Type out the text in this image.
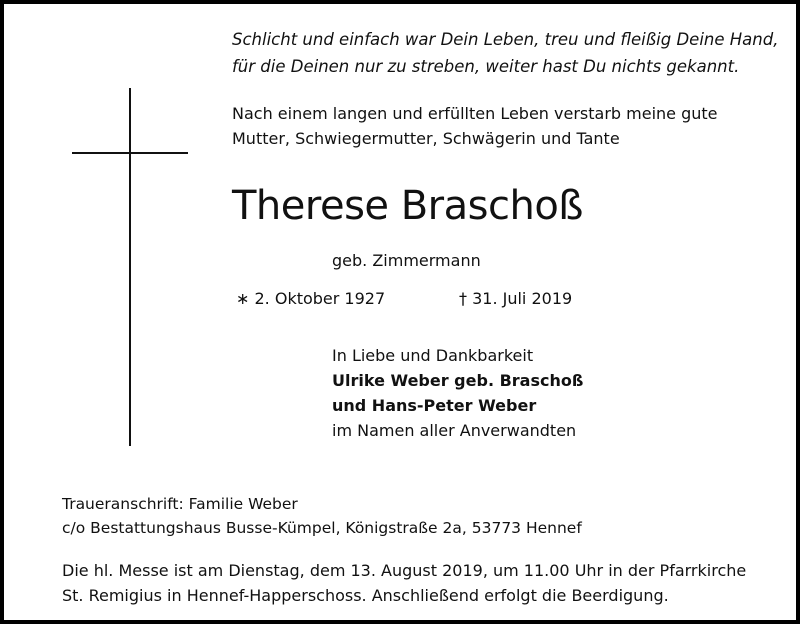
Schlicht und einfach war Dein Leben, treu und fleißig Deine Hand,
für die Deinen nur zu streben, weiter hast Du nichts gekannt.
Nach einem langen und erfüllten Leben verstarb meine gute
Mutter, Schwiegermutter, Schwägerin und Tante
Therese Braschoß
geb. Zimmermann
∗ 2. Oktober 1927	† 31. Juli 2019
In Liebe und Dankbarkeit
Ulrike Weber geb. Braschoß
und Hans-Peter Weber
im Namen aller Anverwandten
Traueranschrift: Familie Weber
c/o Bestattungshaus Busse-Kümpel, Königstraße 2a, 53773 Hennef
Die hl. Messe ist am Dienstag, dem 13. August 2019, um 11.00 Uhr in der Pfarrkirche
St. Remigius in Hennef-Happerschoss. Anschließend erfolgt die Beerdigung.
